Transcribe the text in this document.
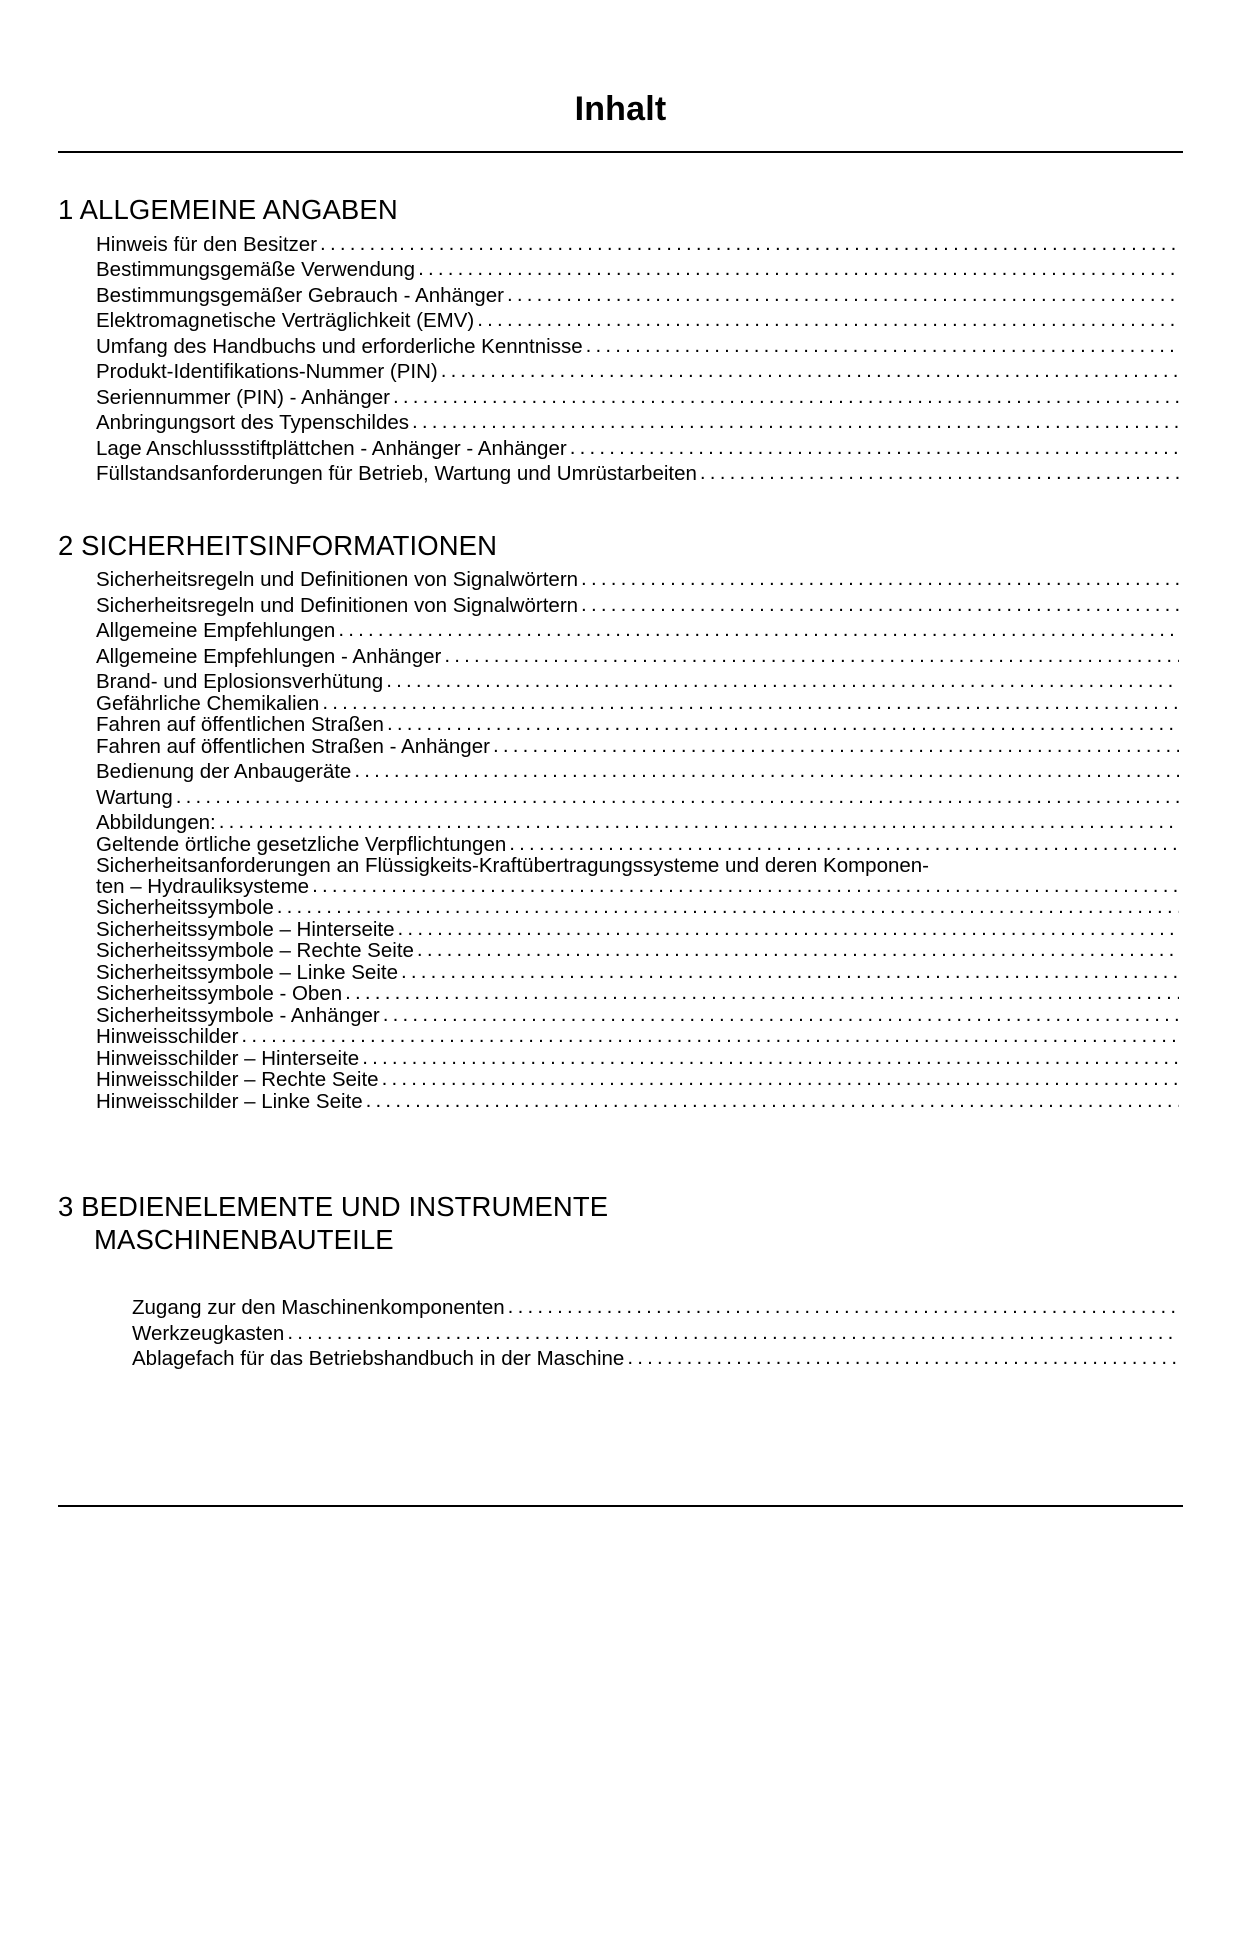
Inhalt
1 ALLGEMEINE ANGABEN
Hinweis für den Besitzer
. . .
Bestimmungsgemäße Verwendung
. . .
Bestimmungsgemäßer Gebrauch - Anhänger
. . .
Elektromagnetische Verträglichkeit (EMV)
. . .
Umfang des Handbuchs und erforderliche Kenntnisse
. . .
Produkt-Identifikations-Nummer (PIN)
. . .
Seriennummer (PIN) - Anhänger
. . .
Anbringungsort des Typenschildes
. . .
Lage Anschlussstiftplättchen - Anhänger - Anhänger
. . .
Füllstandsanforderungen für Betrieb, Wartung und Umrüstarbeiten
. . .
2 SICHERHEITSINFORMATIONEN
Sicherheitsregeln und Definitionen von Signalwörtern
. . .
Sicherheitsregeln und Definitionen von Signalwörtern
. . .
Allgemeine Empfehlungen
. . .
Allgemeine Empfehlungen - Anhänger
. . .
Brand- und Eplosionsverhütung
. . .
Gefährliche Chemikalien
. . .
Fahren auf öffentlichen Straßen
. . .
Fahren auf öffentlichen Straßen - Anhänger
. . .
Bedienung der Anbaugeräte
. . .
Wartung
. . .
Abbildungen:
. . .
Geltende örtliche gesetzliche Verpflichtungen
. . .
Sicherheitsanforderungen an Flüssigkeits-Kraftübertragungssysteme und deren Komponen-
ten – Hydrauliksysteme
. . .
Sicherheitssymbole
. . .
Sicherheitssymbole – Hinterseite
. . .
Sicherheitssymbole – Rechte Seite
. . .
Sicherheitssymbole – Linke Seite
. . .
Sicherheitssymbole - Oben
. . .
Sicherheitssymbole - Anhänger
. . .
Hinweisschilder
. . .
Hinweisschilder – Hinterseite
. . .
Hinweisschilder – Rechte Seite
. . .
Hinweisschilder – Linke Seite
. . .

3 BEDIENELEMENTE UND INSTRUMENTE

MASCHINENBAUTEILE

Zugang zur den Maschinenkomponenten
. . .
Werkzeugkasten
. . .
Ablagefach für das Betriebshandbuch in der Maschine
. . .
